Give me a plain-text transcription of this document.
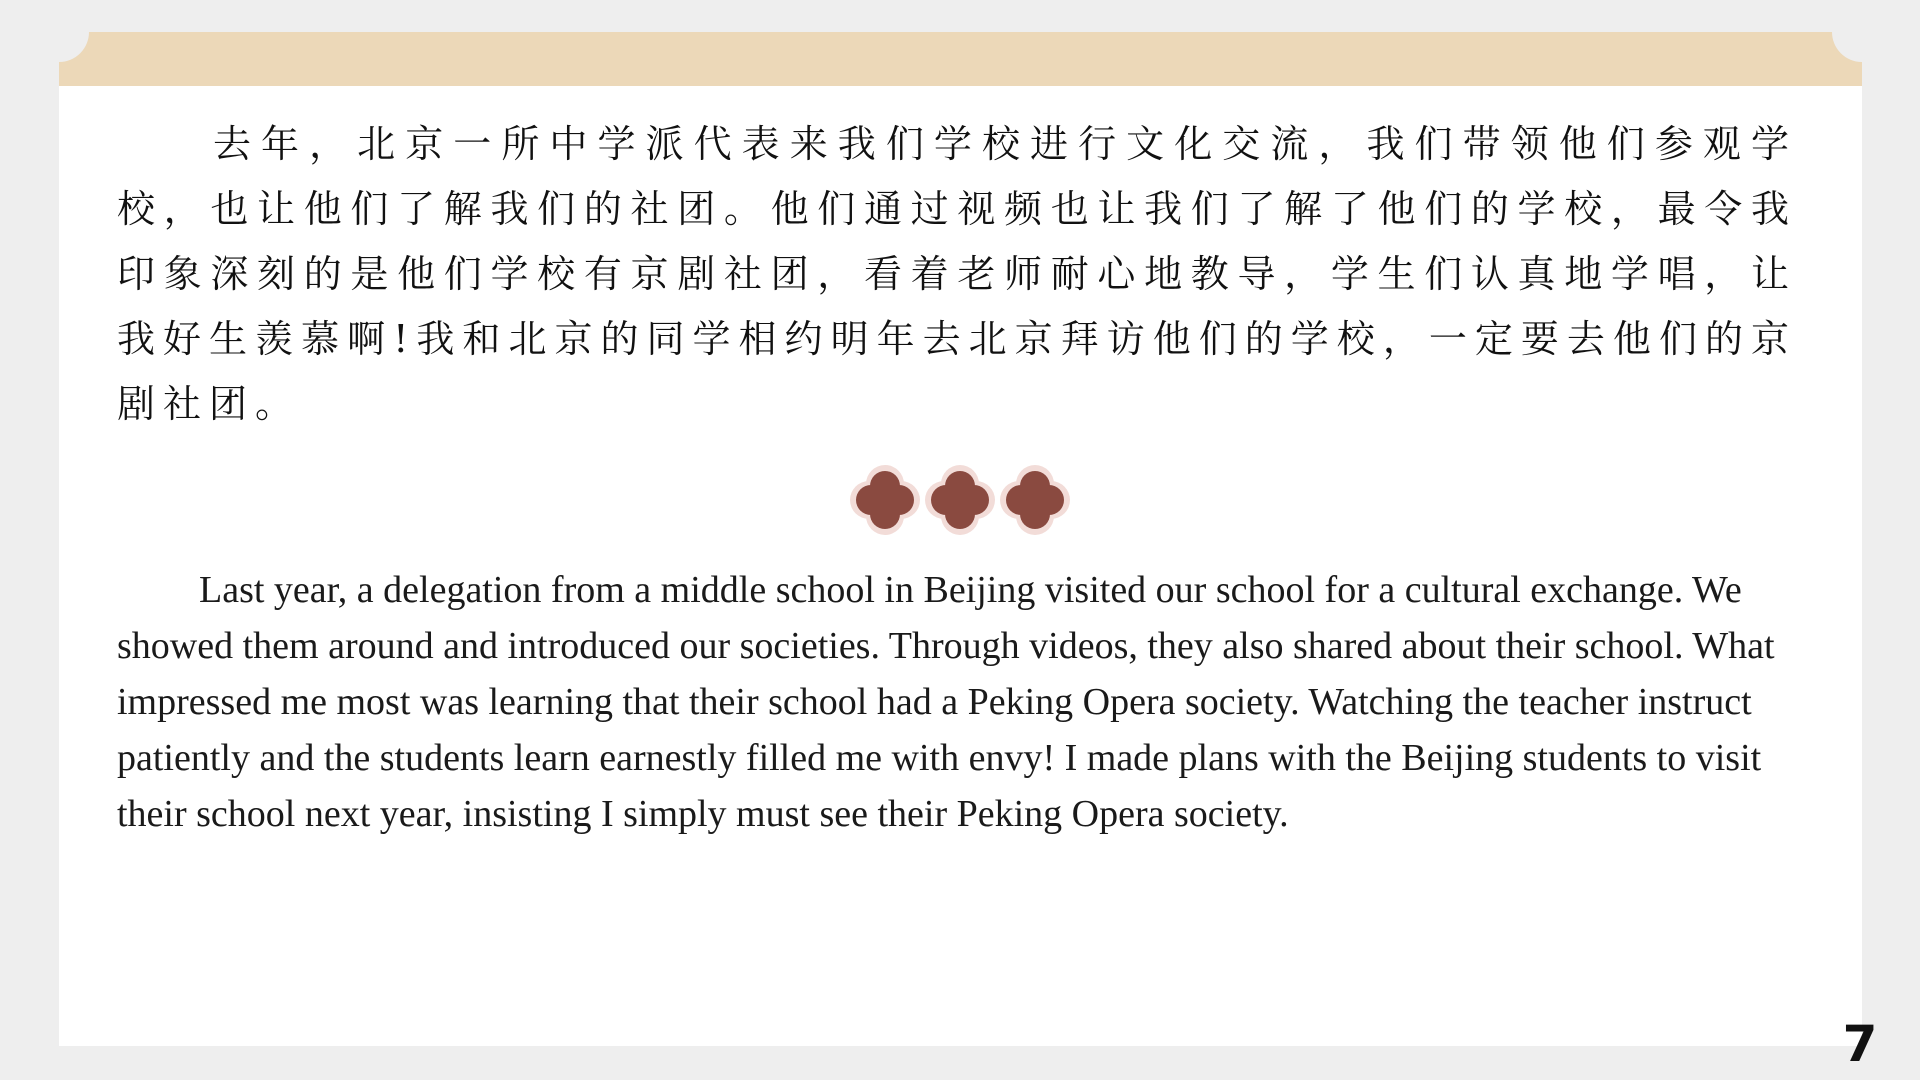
去年，北京一所中学派代表来我们学校进行文化交流，我们带领他们参观学校，也让他们了解我们的社团。他们通过视频也让我们了解了他们的学校，最令我印象深刻的是他们学校有京剧社团，看着老师耐心地教导，学生们认真地学唱，让我好生羡慕啊!我和北京的同学相约明年去北京拜访他们的学校，一定要去他们的京剧社团。

Last year, a delegation from a middle school in Beijing visited our school for a cultural exchange. We showed them around and introduced our societies. Through videos, they also shared about their school. What impressed me most was learning that their school had a Peking Opera society. Watching the teacher instruct patiently and the students learn earnestly filled me with envy! I made plans with the Beijing students to visit their school next year, insisting I simply must see their Peking Opera society.

7
